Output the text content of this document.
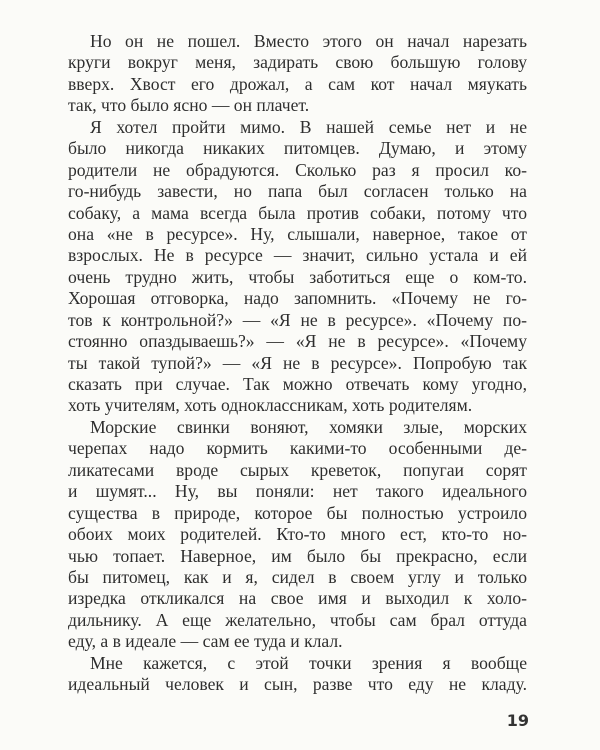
Но он не пошел. Вместо этого он начал нарезать
круги вокруг меня, задирать свою большую голову
вверх. Хвост его дрожал, а сам кот начал мяукать
так, что было ясно — он плачет.
Я хотел пройти мимо. В нашей семье нет и не
было никогда никаких питомцев. Думаю, и этому
родители не обрадуются. Сколько раз я просил ко-
го-нибудь завести, но папа был согласен только на
собаку, а мама всегда была против собаки, потому что
она «не в ресурсе». Ну, слышали, наверное, такое от
взрослых. Не в ресурсе — значит, сильно устала и ей
очень трудно жить, чтобы заботиться еще о ком-то.
Хорошая отговорка, надо запомнить. «Почему не го-
тов к контрольной?» — «Я не в ресурсе». «Почему по-
стоянно опаздываешь?» — «Я не в ресурсе». «Почему
ты такой тупой?» — «Я не в ресурсе». Попробую так
сказать при случае. Так можно отвечать кому угодно,
хоть учителям, хоть одноклассникам, хоть родителям.
Морские свинки воняют, хомяки злые, морских
черепах надо кормить какими-то особенными де-
ликатесами вроде сырых креветок, попугаи сорят
и шумят... Ну, вы поняли: нет такого идеального
существа в природе, которое бы полностью устроило
обоих моих родителей. Кто-то много ест, кто-то но-
чью топает. Наверное, им было бы прекрасно, если
бы питомец, как и я, сидел в своем углу и только
изредка откликался на свое имя и выходил к холо-
дильнику. А еще желательно, чтобы сам брал оттуда
еду, а в идеале — сам ее туда и клал.
Мне кажется, с этой точки зрения я вообще
идеальный человек и сын, разве что еду не кладу.
19
